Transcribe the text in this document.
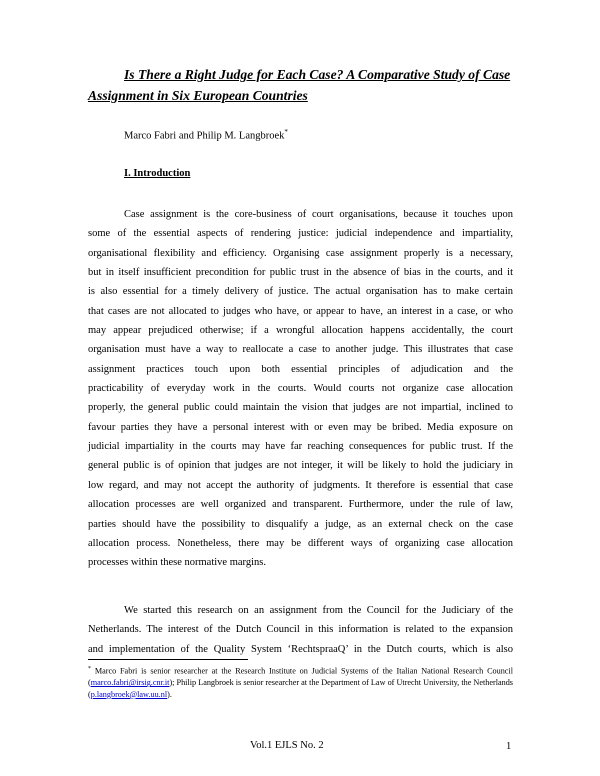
Is There a Right Judge for Each Case? A Comparative Study of Case
Assignment in Six European Countries
Marco Fabri and Philip M. Langbroek*
I. Introduction
Case assignment is the core-business of court organisations, because it touches upon
some of the essential aspects of rendering justice: judicial independence and impartiality,
organisational flexibility and efficiency. Organising case assignment properly is a necessary,
but in itself insufficient precondition for public trust in the absence of bias in the courts, and it
is also essential for a timely delivery of justice. The actual organisation has to make certain
that cases are not allocated to judges who have, or appear to have, an interest in a case, or who
may appear prejudiced otherwise; if a wrongful allocation happens accidentally, the court
organisation must have a way to reallocate a case to another judge. This illustrates that case
assignment practices touch upon both essential principles of adjudication and the
practicability of everyday work in the courts. Would courts not organize case allocation
properly, the general public could maintain the vision that judges are not impartial, inclined to
favour parties they have a personal interest with or even may be bribed. Media exposure on
judicial impartiality in the courts may have far reaching consequences for public trust. If the
general public is of opinion that judges are not integer, it will be likely to hold the judiciary in
low regard, and may not accept the authority of judgments. It therefore is essential that case
allocation processes are well organized and transparent. Furthermore, under the rule of law,
parties should have the possibility to disqualify a judge, as an external check on the case
allocation process. Nonetheless, there may be different ways of organizing case allocation
processes within these normative margins.
We started this research on an assignment from the Council for the Judiciary of the
Netherlands. The interest of the Dutch Council in this information is related to the expansion
and implementation of the Quality System ‘RechtspraaQ’ in the Dutch courts, which is also
* Marco Fabri is senior researcher at the Research Institute on Judicial Systems of the Italian National Research Council (marco.fabri@irsig.cnr.it); Philip Langbroek is senior researcher at the Department of Law of Utrecht University, the Netherlands (p.langbroek@law.uu.nl).
Vol.1 EJLS No. 2	1
